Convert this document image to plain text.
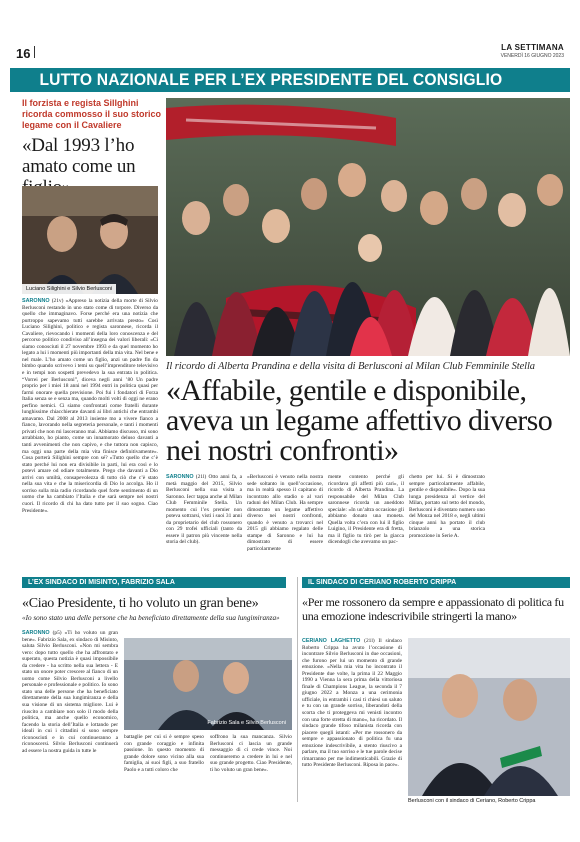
16	LA SETTIMANA
VENERDÌ 16 GIUGNO 2023
LUTTO NAZIONALE PER L’EX PRESIDENTE DEL CONSIGLIO
Il forzista e regista Sillghini ricorda commosso il suo storico legame con il Cavaliere
«Dal 1993 l’ho amato come un
Luciano Silighini e Silvio Berlusconi
SARONNO (21v) «Appreso la notizia della morte di Silvio Berlusconi restando in uno stato come di torpore. Diverso da quello che immaginavo. Forse perché era una notizia che purtroppo sapevamo tutti sarebbe arrivata presto» Così Luciano Silighini, politico e regista saronnese, ricorda il Cavaliere, rievocando i momenti della loro conoscenza e del percorso politico condiviso all’insegna dei valori liberali: «Ci siamo conosciuti il 27 novembre 1993 e da quel momento ho legato a lui i momenti più importanti della mia vita. Nel bene e nel male. L’ho amato come un figlio, anzi un padre fin da bimbo quando scrivevo i temi su quell’imprenditore televisivo e in tempi non sospetti prevedevo la sua entrata in politica. “Vorrei per Berlusconi”, diceva negli anni ’80 Un padre proprio per i miei 18 anni nel 1994 entri in politica quasi per farmi onorare quella previsione. Poi fui i fondatori di Forza Italia senza se e senza ma, quando molti volti di oggi ne erano perfino nemici. Ci siamo confrontati come fratelli durante lunghissime chiacchierate davanti ai libri antichi che entrambi amavamo. Dal 2008 al 2013 insieme mo a vivere fianco a fianco, lavorando nella segreteria personale, e tanti i momenti privati che non mi lasceranno mai. Abbiamo discusso, mi sono arrabbiato, ho pianto, come un innamorato deluso davanti a tanti avvenimenti che non capivo, e che tuttora non capisco, ma oggi una parte della mia vita finisce definitivamente». Cosa porterà Silighini sempre con sé? «Tutto quello che c’è stato perché lui non era divisibile in parti, lui era così e lo potevi amare od odiare totalmente. Prego che davanti a Dio arrivi con umiltà, consapevolezza di tutto ciò che c’è stato nella sua vita e che la misericordia di Dio lo accolga. Ho il sorriso sulla mia radio ricordando quel forte sentimento di un uomo che ha cambiato l’Italia e che sarà sempre nei nostri cuori. Il ricordo di chi ha dato tutto per il suo sogno. Ciao Presidente».
Il ricordo di Alberta Prandina e della visita di Berlusconi al Milan Club Femminile Stella
«Affabile, gentile e disponibile, aveva un legame affettivo diverso nei nostri confronti»
SARONNO (21l) Otto anni fa, a metà maggio del 2015, Silvio Berlusconi nella sua visita a Saronno. Iecr tappa anche al Milan Club Femminile Stella. Un momento cui l’ex premier non poteva sottrarsi, visti i suoi 31 anni da proprietario del club rossonero con 29 trofei ufficiali (tanto da essere il patron più vincente nella storia del club).
«Berlusconi è venuto nella nostra sede soltanto in quell’occasione, ma in realtà spesso il capitano di incontrato allo stadio o al vari raduni dei Milan Club. Ha sempre dimostrato un legame affettivo diverso nei nostri confronti, quando è venuto a trovarci nel 2015 gli abbiamo regalato delle stampe di Saronno e lui ha dimostrato di essere particolarmente
mente contento perché gli ricordava gli affetti più cari», il ricordo di Alberta Prandina. La responsabile del Milan Club saronnese ricorda un aneddoto speciale: «In un’altra occasione gli abbiamo donato una moneta. Quella volta c’era con lui il figlio Luigino, il Presidente era di fretta, ma il figlio tu tirò per la giacca dicendogli che avevamo un pac-
chetto per lui. Si è dimostrato sempre particolarmente affabile, gentile e disponibile». Dopo la sua lunga presidenza al vertice del Milan, portato sul tetto del mondo, Berlusconi è diventato numero uno del Monza nel 2018 e, negli ultimi cinque anni ha portato il club brianzolo a una storica promozione in Serie A.
L’EX SINDACO DI MISINTO, FABRIZIO SALA
«Ciao Presidente, ti ho voluto un gran bene»
«Io sono stato una delle persone che ha beneficiato direttamente della sua lungimiranza»
SARONNO (p5) «Ti ho voluto un gran bene». Fabrizio Sala, ex sindaco di Misinto, saluta Silvio Berlusconi. «Non mi sembra vero: dopo tutto quello che ha affrontato e superato, questa notizia è quasi impossibile da credere - ha scritto nella sua lettera - E stato un onore poter crescere al fianco di un uomo come Silvio Berlusconi a livello personale e professionale e politico. Io sono stato una delle persone che ha beneficiato direttamente della sua lungimiranza e della sua visione di un sistema migliore. Lui è riuscito a cambiare non solo il modo della politica, ma anche quello economico, facendo la storia dell’Italia e lottando per ideali in cui i cittadini si sono sempre riconosciuti e in cui continueranno a riconoscersi. Silvio Berlusconi continuerà ad essere la nostra guida in tutte le
Fabrizio Sala e Silvio Berlusconi
battaglie per cui si è sempre speso con grande coraggio e infinita passione. In questo momento di grande dolore sono vicino alla sua famiglia, ai suoi figli, a suo fratello Paolo e a tutti coloro che
soffrono la sua mancanza. Silvio Berlusconi ci lascia un grande messaggio di ci crede vince. Noi continueremo a credere in lui e nel suo grande progetto. Ciao Presidente, ti ho voluto un gran bene».
IL SINDACO DI CERIANO ROBERTO CRIPPA
«Per me rossonero da sempre e appassionato di politica fu una emozione indescrivibile stringerti la mano»
CERIANO LAGHETTO (21l) Il sindaco Roberto Crippa ha avuto l’occasione di incontrare Silvio Berlusconi in due occasioni, che furono per lui un momento di grande emozione. «Nella mia vita ho incontrato il Presidente due volte, la prima il 22 Maggio 1990 a Vienna la sera prima della vittoriosa finale di Champions League, la seconda il 7 giugno 2022 a Monza a una cerimonia ufficiale, in entrambi i casi ti chiesi un saluto e tu con un grande sorriso, liberandoti della scorta che ti proteggeva mi venisti incontro con una forte stretta di mano», ha ricordato. Il sindaco grande tifoso milanista ricorda con piacere quegli istanti: «Per me rossonero da sempre e appassionato di politica fu una emozione indescrivibile, a stento riuscivo a parlare, ma il tuo sorriso e le tue parole decise rimarranno per me indimenticabili. Grazie di tutto Presidente Berlusconi. Riposa in pace».
Berlusconi con il sindaco di Ceriano, Roberto Crippa
